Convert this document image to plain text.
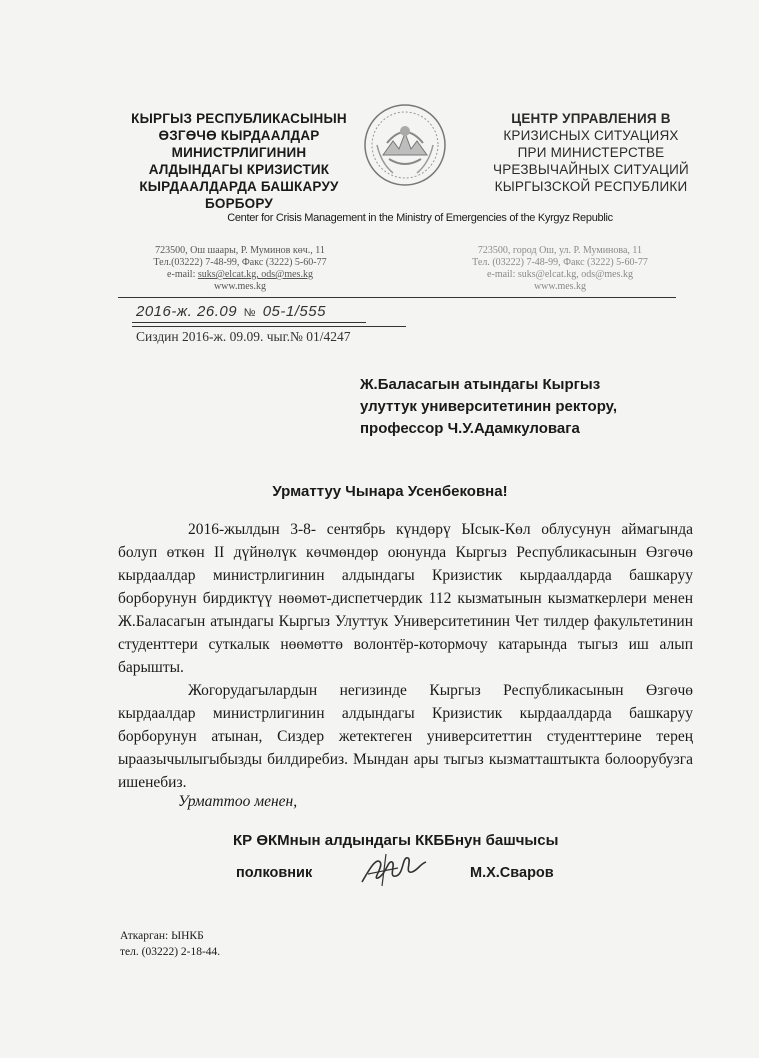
КЫРГЫЗ РЕСПУБЛИКАСЫНЫН
ӨЗГӨЧӨ КЫРДААЛДАР
МИНИСТРЛИГИНИН
АЛДЫНДАГЫ КРИЗИСТИК
КЫРДААЛДАРДА БАШКАРУУ
БОРБОРУ
ЦЕНТР УПРАВЛЕНИЯ В
КРИЗИСНЫХ СИТУАЦИЯХ
ПРИ МИНИСТЕРСТВЕ
ЧРЕЗВЫЧАЙНЫХ СИТУАЦИЙ
КЫРГЫЗСКОЙ РЕСПУБЛИКИ
Center for Crisis Management in the Ministry of Emergencies of the Kyrgyz Republic
723500, Ош шаары, Р. Муминов көч., 11
Тел.(03222) 7-48-99, Факс (3222) 5-60-77
e-mail: suks@elcat.kg, ods@mes.kg
www.mes.kg
723500, город Ош, ул. Р. Муминова, 11
Тел. (03222) 7-48-99, Факс (3222) 5-60-77
e-mail: suks@elcat.kg, ods@mes.kg
www.mes.kg
2016-ж. 26.09 № 05-1/555
Сиздин 2016-ж. 09.09. чыг.№ 01/4247
Ж.Баласагын атындагы Кыргыз
улуттук университетинин ректору,
профессор Ч.У.Адамкуловага
Урматтуу Чынара Усенбековна!

2016-жылдын 3-8- сентябрь күндөрү Ысык-Көл облусунун аймагында болуп өткөн II дүйнөлүк көчмөндөр оюнунда Кыргыз Республикасынын Өзгөчө кырдаалдар министрлигинин алдындагы Кризистик кырдаалдарда башкаруу борборунун бирдиктүү нөөмөт-диспетчердик 112 кызматынын кызматкерлери менен Ж.Баласагын атындагы Кыргыз Улуттук Университетинин Чет тилдер факультетинин студенттери суткалык нөөмөттө волонтёр-котормочу катарында тыгыз иш алып барышты.

Жогорудагылардын негизинде Кыргыз Республикасынын Өзгөчө кырдаалдар министрлигинин алдындагы Кризистик кырдаалдарда башкаруу борборунун атынан, Сиздер жетектеген университеттин студенттерине терең ыраазычылыгыбызды билдиребиз. Мындан ары тыгыз кызматташтыкта болоорубузга ишенебиз.

Урматтоо менен,
КР ӨКМнын алдындагы ККББнун башчысы
полковник	М.Х.Сваров
Аткарган: ЫНКБ
тел. (03222) 2-18-44.
